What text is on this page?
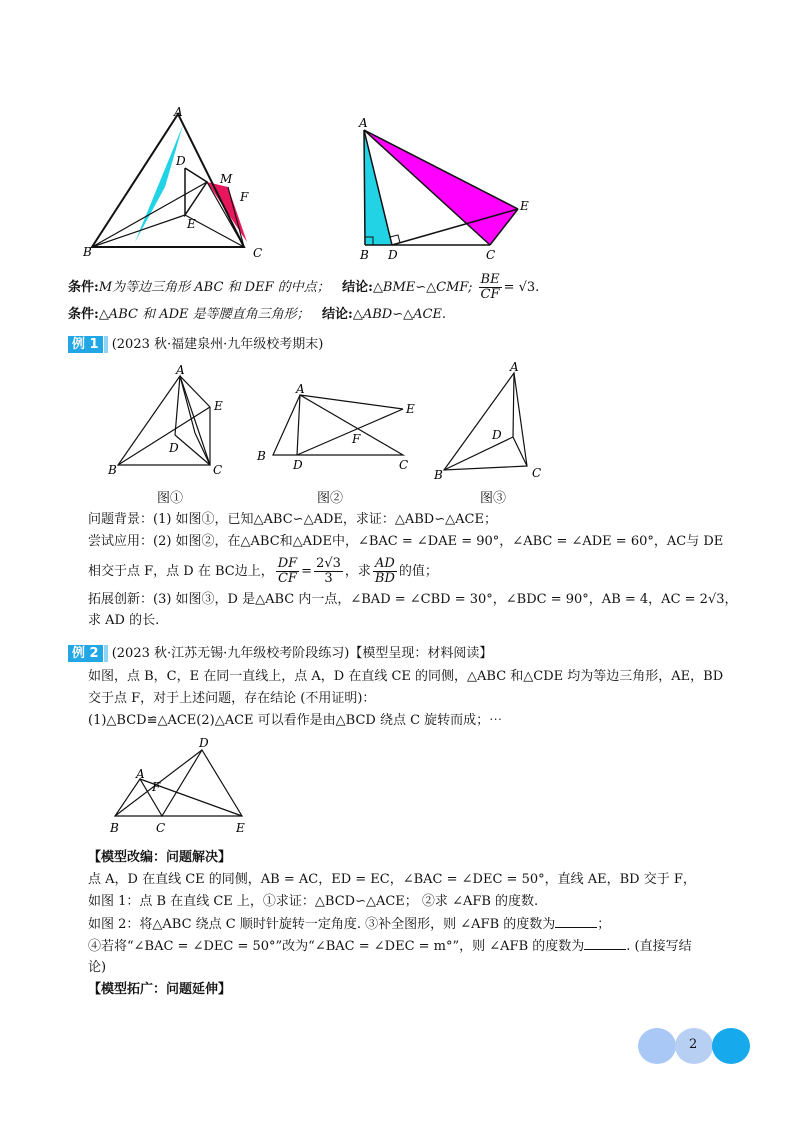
A
D
M
F
E
B	C
A
E
B D	C
条件:M为等边三角形 ABC 和 DEF 的中点； 结论:△BME∽△CMF; $\frac{BE}{CF} = √3$.
条件:△ABC 和 ADE 是等腰直角三角形； 结论:△ABD∽△ACE.
例 1 (2023 秋·福建泉州·九年级校考期末)
A
E
D
B	C
A
E
F
B
D	C
A
D
B	C
图①	图②	图③
问题背景：(1) 如图①，已知△ABC∽△ADE，求证：△ABD∽△ACE；
尝试应用：(2) 如图②，在△ABC和△ADE中，∠BAC = ∠DAE = 90°，∠ABC = ∠ADE = 60°，AC与 DE
相交于点 F，点 D 在 BC边上， $\frac{DF}{CF} = \frac{2√3}{3}$ ，求 $\frac{AD}{BD}$ 的值；
拓展创新：(3) 如图③，D 是△ABC 内一点，∠BAD = ∠CBD = 30°，∠BDC = 90°，AB = 4，AC = 2√3，
求 AD 的长.
例 2 (2023 秋·江苏无锡·九年级校考阶段练习)【模型呈现：材料阅读】
如图，点 B，C，E 在同一直线上，点 A，D 在直线 CE 的同侧，△ABC 和△CDE 均为等边三角形，AE，BD
交于点 F，对于上述问题，存在结论 (不用证明)：
(1)△BCD≌△ACE(2)△ACE 可以看作是由△BCD 绕点 C 旋转而成；⋯
D
A
F
B	C	E
【模型改编：问题解决】
点 A，D 在直线 CE 的同侧，AB = AC，ED = EC，∠BAC = ∠DEC = 50°，直线 AE，BD 交于 F，
如图 1：点 B 在直线 CE 上，①求证：△BCD∽△ACE； ②求 ∠AFB 的度数.
如图 2：将△ABC 绕点 C 顺时针旋转一定角度. ③补全图形，则 ∠AFB 的度数为	；
④若将“∠BAC = ∠DEC = 50°”改为“∠BAC = ∠DEC = m°”，则 ∠AFB 的度数为	. (直接写结
论)
【模型拓广：问题延伸】
2
